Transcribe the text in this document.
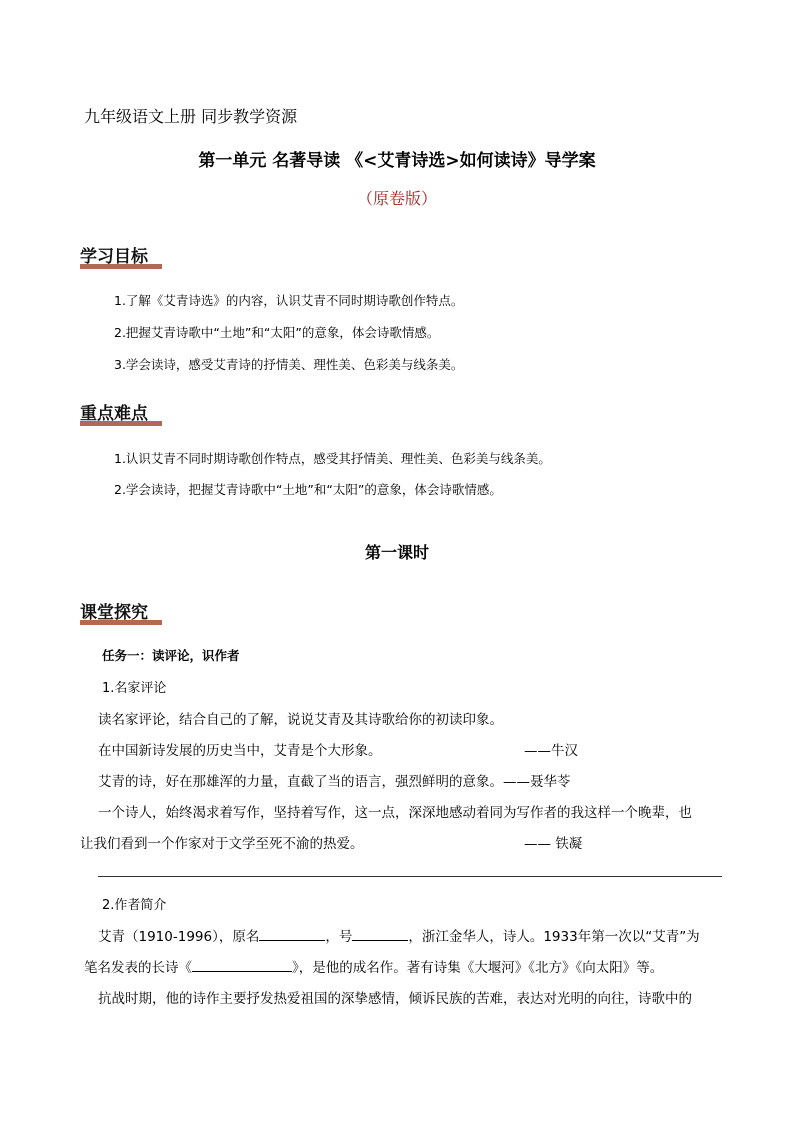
九年级语文上册 同步教学资源
第一单元 名著导读 《<艾青诗选>如何读诗》导学案
（原卷版）
学习目标
1.了解《艾青诗选》的内容，认识艾青不同时期诗歌创作特点。
2.把握艾青诗歌中“土地”和“太阳”的意象，体会诗歌情感。
3.学会读诗，感受艾青诗的抒情美、理性美、色彩美与线条美。
重点难点
1.认识艾青不同时期诗歌创作特点，感受其抒情美、理性美、色彩美与线条美。
2.学会读诗，把握艾青诗歌中“土地”和“太阳”的意象，体会诗歌情感。
第一课时
课堂探究
任务一：读评论，识作者
1.名家评论
读名家评论，结合自己的了解，说说艾青及其诗歌给你的初读印象。
在中国新诗发展的历史当中，艾青是个大形象。	——牛汉
艾青的诗，好在那雄浑的力量，直截了当的语言，强烈鲜明的意象。——聂华苓
一个诗人，始终渴求着写作，坚持着写作，这一点，深深地感动着同为写作者的我这样一个晚辈，也
让我们看到一个作家对于文学至死不渝的热爱。	—— 铁凝
2.作者简介
艾青（1910-1996），原名	，号	，浙江金华人，诗人。1933年第一次以“艾青”为
笔名发表的长诗《	》，是他的成名作。著有诗集《大堰河》《北方》《向太阳》等。
抗战时期，他的诗作主要抒发热爱祖国的深挚感情，倾诉民族的苦难，表达对光明的向往，诗歌中的
